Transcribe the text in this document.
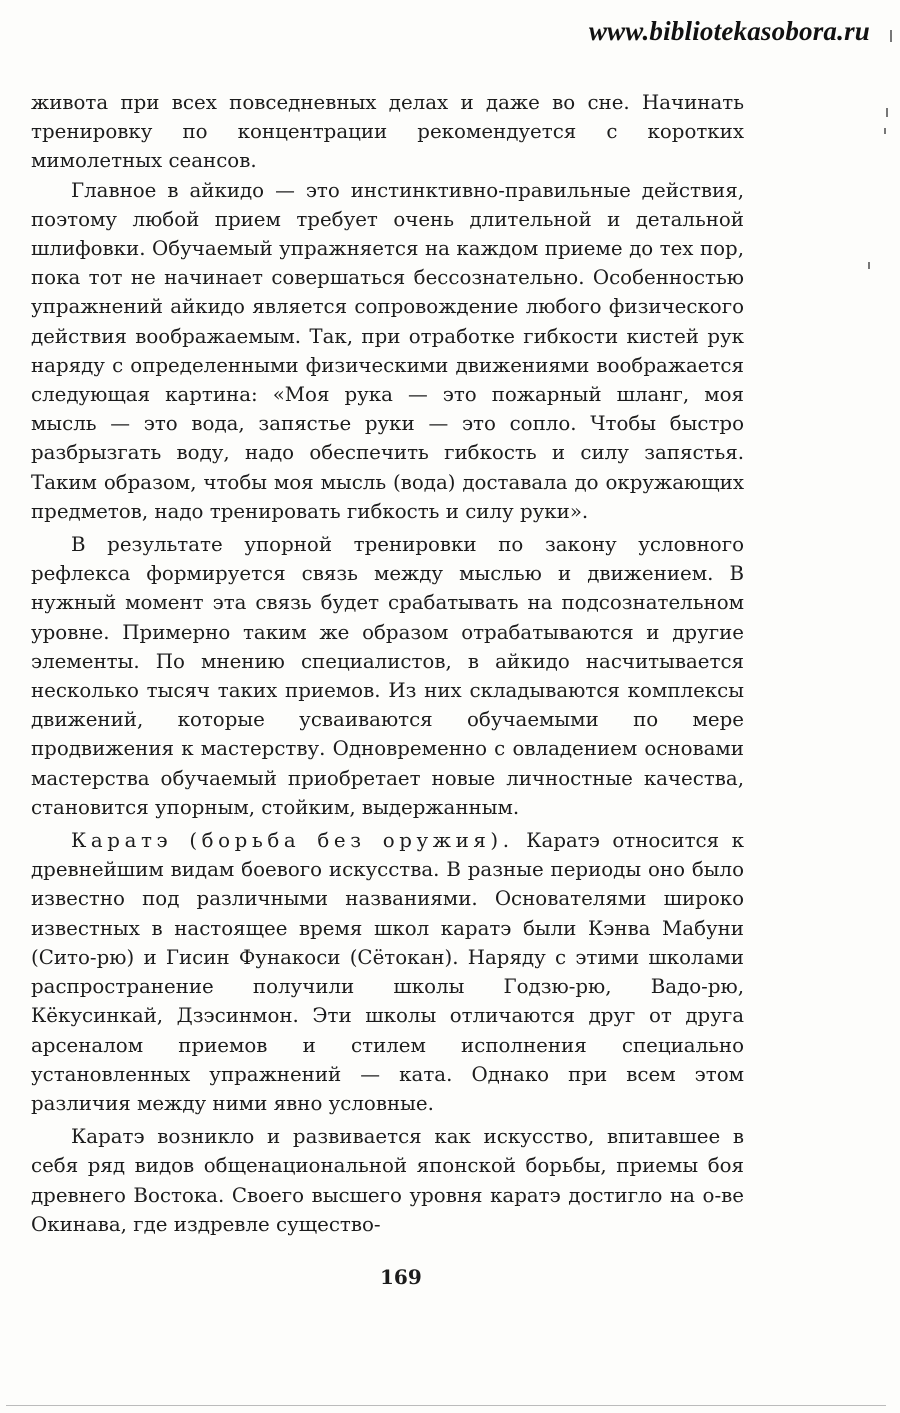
www.bibliotekasobora.ru

живота при всех повседневных делах и даже во сне. Начинать тренировку по концентрации рекомендуется с коротких мимолетных сеансов.

Главное в айкидо — это инстинктивно-правильные действия, поэтому любой прием требует очень длительной и детальной шлифовки. Обучаемый упражняется на каждом приеме до тех пор, пока тот не начинает совершаться бессознательно. Особенностью упражнений айкидо является сопровождение любого физического действия воображаемым. Так, при отработке гибкости кистей рук наряду с определенными физическими движениями воображается следующая картина: «Моя рука — это пожарный шланг, моя мысль — это вода, запястье руки — это сопло. Чтобы быстро разбрызгать воду, надо обеспечить гибкость и силу запястья. Таким образом, чтобы моя мысль (вода) доставала до окружающих предметов, надо тренировать гибкость и силу руки».

В результате упорной тренировки по закону условного рефлекса формируется связь между мыслью и движением. В нужный момент эта связь будет срабатывать на подсознательном уровне. Примерно таким же образом отрабатываются и другие элементы. По мнению специалистов, в айкидо насчитывается несколько тысяч таких приемов. Из них складываются комплексы движений, которые усваиваются обучаемыми по мере продвижения к мастерству. Одновременно с овладением основами мастерства обучаемый приобретает новые личностные качества, становится упорным, стойким, выдержанным.

Каратэ (борьба без оружия). Каратэ относится к древнейшим видам боевого искусства. В разные периоды оно было известно под различными названиями. Основателями широко известных в настоящее время школ каратэ были Кэнва Мабуни (Сито-рю) и Гисин Фунакоси (Сётокан). Наряду с этими школами распространение получили школы Годзю-рю, Вадо-рю, Кёкусинкай, Дзэсинмон. Эти школы отличаются друг от друга арсеналом приемов и стилем исполнения специально установленных упражнений — ката. Однако при всем этом различия между ними явно условные.

Каратэ возникло и развивается как искусство, впитавшее в себя ряд видов общенациональной японской борьбы, приемы боя древнего Востока. Своего высшего уровня каратэ достигло на о-ве Окинава, где издревле существо-

169
